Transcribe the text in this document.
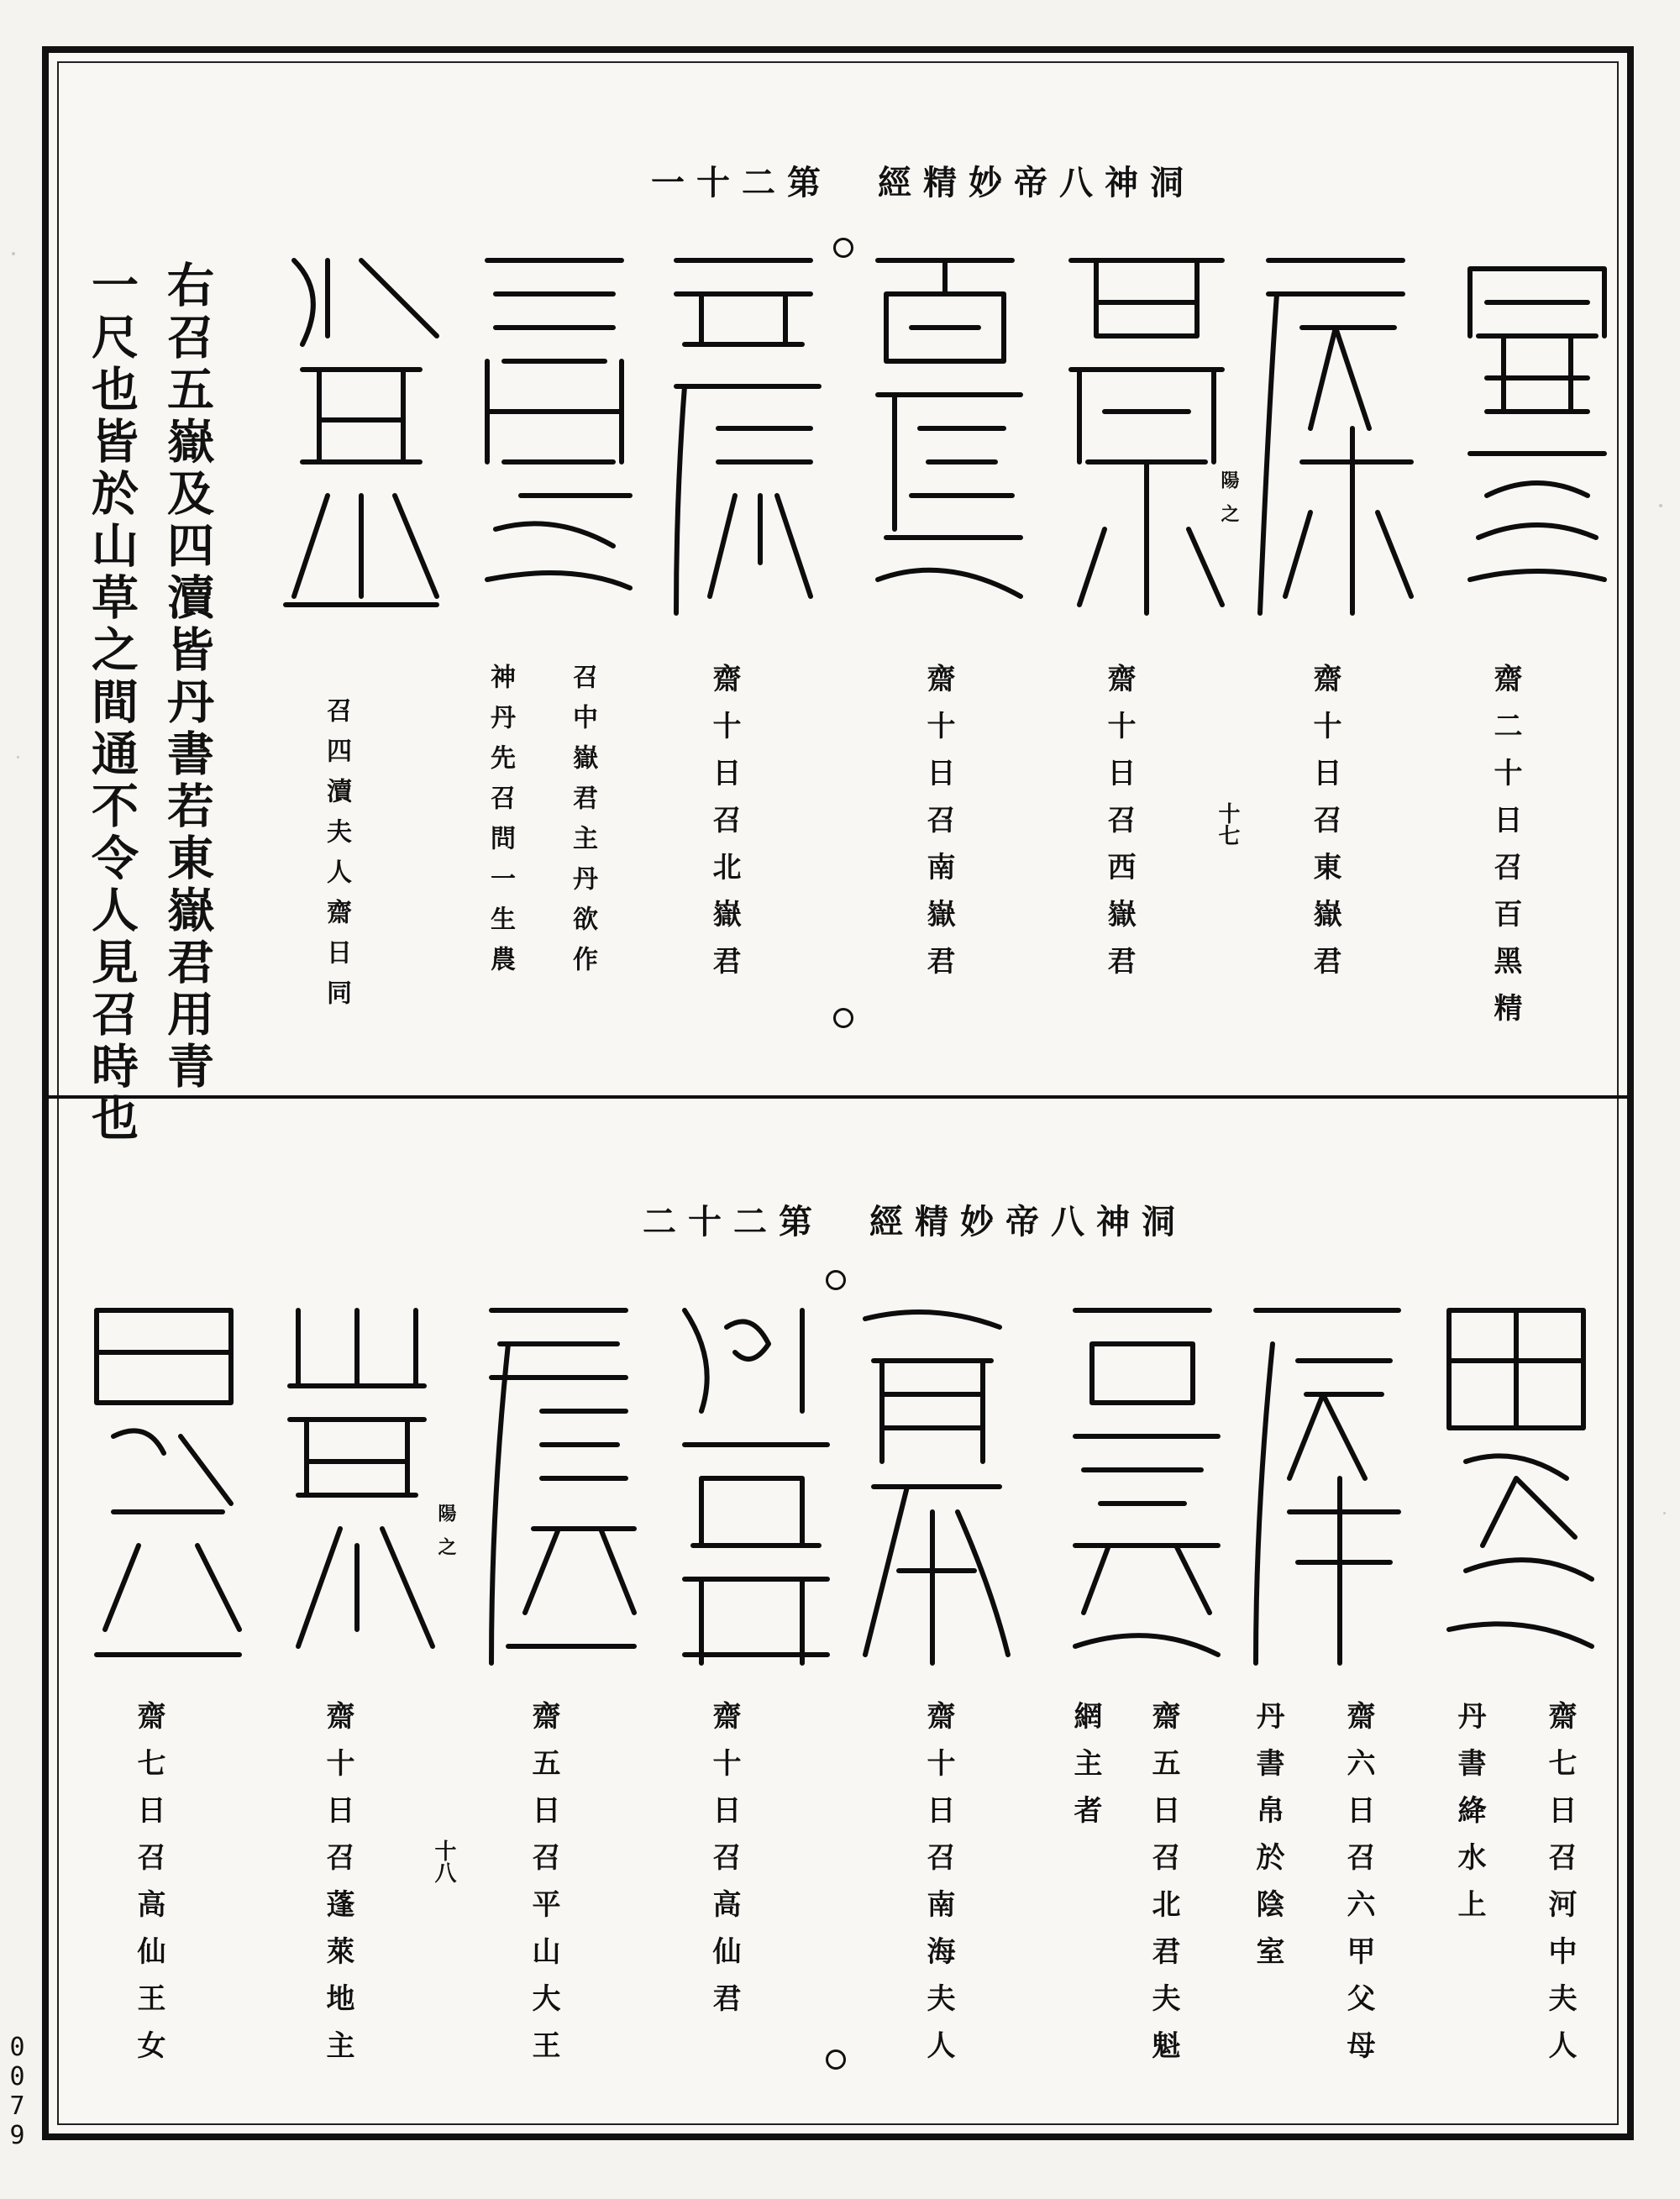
一十二第　經精妙帝八神洞
陽之
齋二十日召百黑精
齋十日召東嶽君
齋十日召西嶽君
齋十日召南嶽君
齋十日召北嶽君
召中嶽君主丹欲作
神丹先召問一生農
召四瀆夫人齋日同	十七
右召五嶽及四瀆皆丹書若東嶽君用青
一尺也皆於山草之間通不令人見召時也
二十二第　經精妙帝八神洞
陽之
齋七日召河中夫人
丹書絳水上
齋六日召六甲父母
丹書帛於陰室
齋五日召北君夫魁
網主者
齋十日召南海夫人
齋十日召高仙君
齋五日召平山大王
齋十日召蓬萊地主
齋七日召高仙王女	十八
0079
